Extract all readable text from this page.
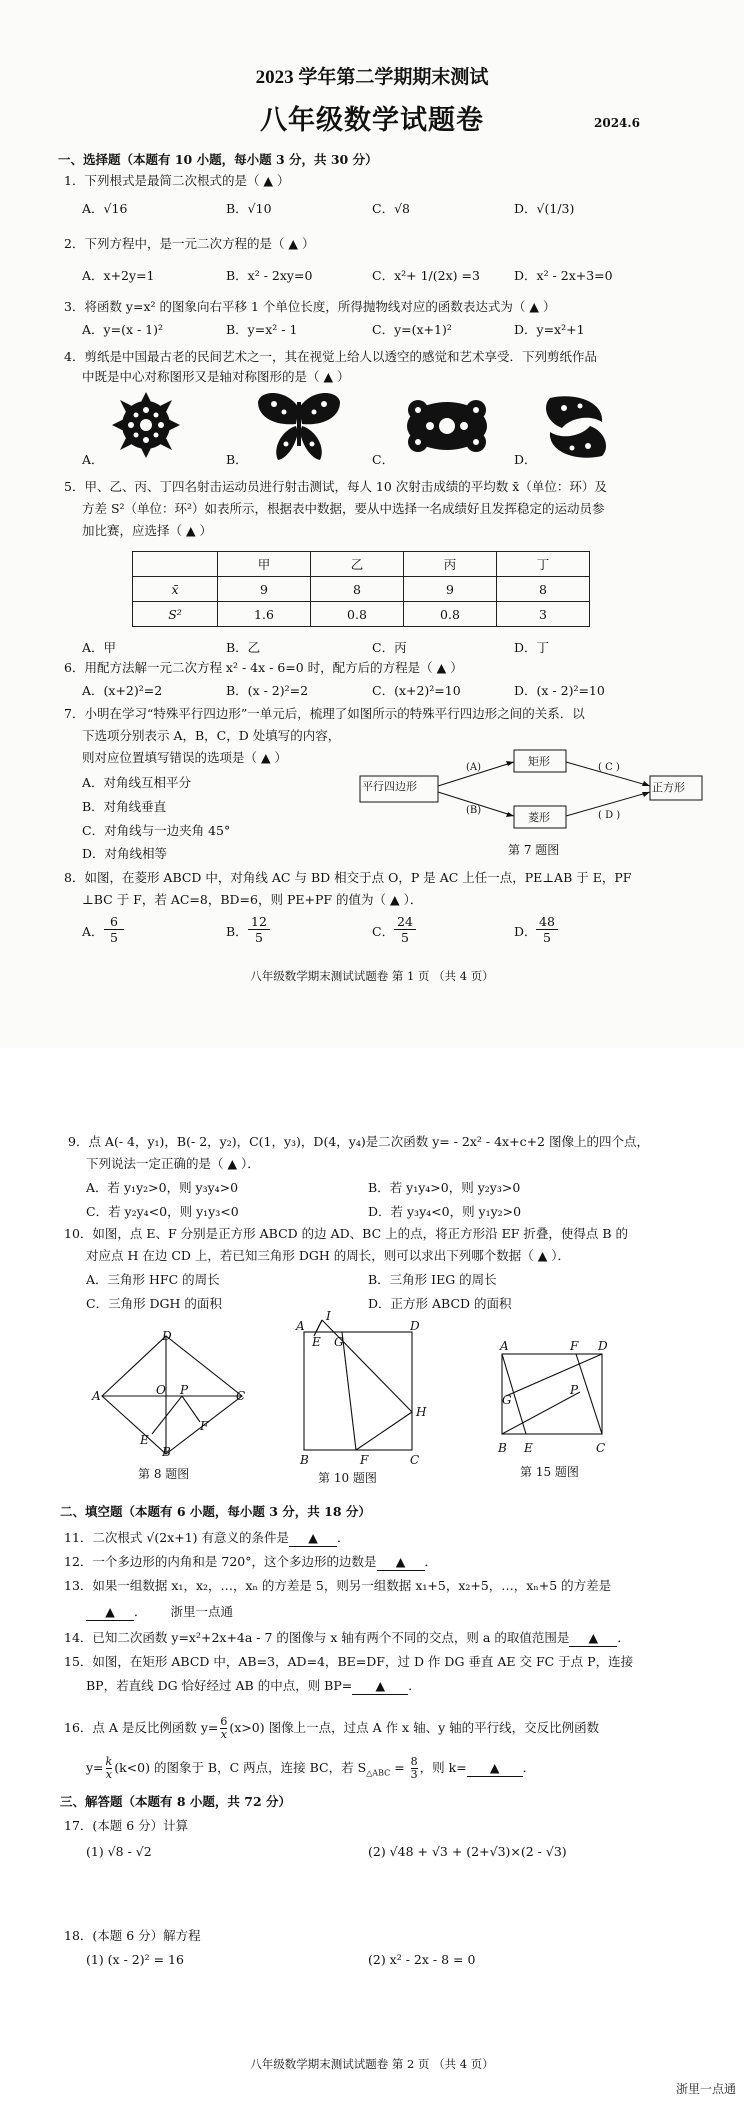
2023 学年第二学期期末测试
八年级数学试题卷	2024.6
一、选择题（本题有 10 小题，每小题 3 分，共 30 分）
1．下列根式是最简二次根式的是（ ▲ ）
A．√16	B．√10	C．√8	D．√(1/3)
2．下列方程中，是一元二次方程的是（ ▲ ）
A．x+2y=1	B．x² - 2xy=0	C．x²+ 1/(2x) =3	D．x² - 2x+3=0
3．将函数 y=x² 的图象向右平移 1 个单位长度，所得抛物线对应的函数表达式为（ ▲ ）
A．y=(x - 1)²	B．y=x² - 1	C．y=(x+1)²	D．y=x²+1
4．剪纸是中国最古老的民间艺术之一，其在视觉上给人以透空的感觉和艺术享受．下列剪纸作品
中既是中心对称图形又是轴对称图形的是（ ▲ ）
A．	B．	C．	D．
5．甲、乙、丙、丁四名射击运动员进行射击测试，每人 10 次射击成绩的平均数 x̄（单位：环）及
方差 S²（单位：环²）如表所示，根据表中数据，要从中选择一名成绩好且发挥稳定的运动员参
加比赛，应选择（ ▲ ）
	甲	乙	丙	丁
x̄	9	8	9	8
S²	1.6	0.8	0.8	3
A．甲	B．乙	C．丙	D．丁
6．用配方法解一元二次方程 x² - 4x - 6=0 时，配方后的方程是（ ▲ ）
A．(x+2)²=2	B．(x - 2)²=2	C．(x+2)²=10	D．(x - 2)²=10
7．小明在学习“特殊平行四边形”一单元后，梳理了如图所示的特殊平行四边形之间的关系．以
下选项分别表示 A，B，C，D 处填写的内容，
则对应位置填写错误的选项是（ ▲ ）
A．对角线互相平分
B．对角线垂直
C．对角线与一边夹角 45°
D．对角线相等
平行四边形
矩形
菱形
正方形
(A)
(B)
( C )
( D )
第 7 题图
8．如图，在菱形 ABCD 中，对角线 AC 与 BD 相交于点 O，P 是 AC 上任一点，PE⊥AB 于 E，PF
⊥BC 于 F，若 AC=8，BD=6，则 PE+PF 的值为（ ▲ ）．
A． $\frac{6}{5}$	B． $\frac{12}{5}$	C． $\frac{24}{5}$	D． $\frac{48}{5}$
八年级数学期末测试试题卷 第 1 页 （共 4 页）
9．点 A(- 4，y₁)，B(- 2，y₂)，C(1，y₃)，D(4，y₄)是二次函数 y= - 2x² - 4x+c+2 图像上的四个点，
下列说法一定正确的是（ ▲ ）．
A．若 y₁y₂>0，则 y₃y₄>0	B．若 y₁y₄>0，则 y₂y₃>0
C．若 y₂y₄<0，则 y₁y₃<0	D．若 y₃y₄<0，则 y₁y₂>0
10．如图，点 E、F 分别是正方形 ABCD 的边 AD、BC 上的点，将正方形沿 EF 折叠，使得点 B 的
对应点 H 在边 CD 上，若已知三角形 DGH 的周长，则可以求出下列哪个数据（ ▲ ）．
A．三角形 HFC 的周长	B．三角形 IEG 的周长
C．三角形 DGH 的面积	D．正方形 ABCD 的面积
D
A	C
O P
E
F
B
第 8 题图
A
I
D
E G
H
B	F	C
第 10 题图
A	F D
G
P
B E	C
第 15 题图
二、填空题（本题有 6 小题，每小题 3 分，共 18 分）
11．二次根式 √(2x+1) 有意义的条件是 ▲ ．
12．一个多边形的内角和是 720°，这个多边形的边数是 ▲ ．
13．如果一组数据 x₁，x₂，…，xₙ 的方差是 5，则另一组数据 x₁+5，x₂+5，…，xₙ+5 的方差是
▲ ． 浙里一点通
14．已知二次函数 y=x²+2x+4a - 7 的图像与 x 轴有两个不同的交点，则 a 的取值范围是 ▲ ．
15．如图，在矩形 ABCD 中，AB=3，AD=4，BE=DF，过 D 作 DG 垂直 AE 交 FC 于点 P，连接
BP，若直线 DG 恰好经过 AB 的中点，则 BP= ▲ ．
16．点 A 是反比例函数 $y= \frac{6}{x} (x>0)$ 图像上一点，过点 A 作 x 轴、y 轴的平行线，交反比例函数
$y= \frac{k}{x} (k<0)$ 的图象于 B，C 两点，连接 BC，若 $S_{\triangle ABC} = \frac{8}{3}$ ，则 k= ▲ ．
三、解答题（本题有 8 小题，共 72 分）
17．(本题 6 分）计算
(1) √8 - √2	(2) √48 + √3 + (2+√3)×(2 - √3)
18．(本题 6 分）解方程
(1) (x - 2)² = 16	(2) x² - 2x - 8 = 0
八年级数学期末测试试题卷 第 2 页 （共 4 页）
浙里一点通
